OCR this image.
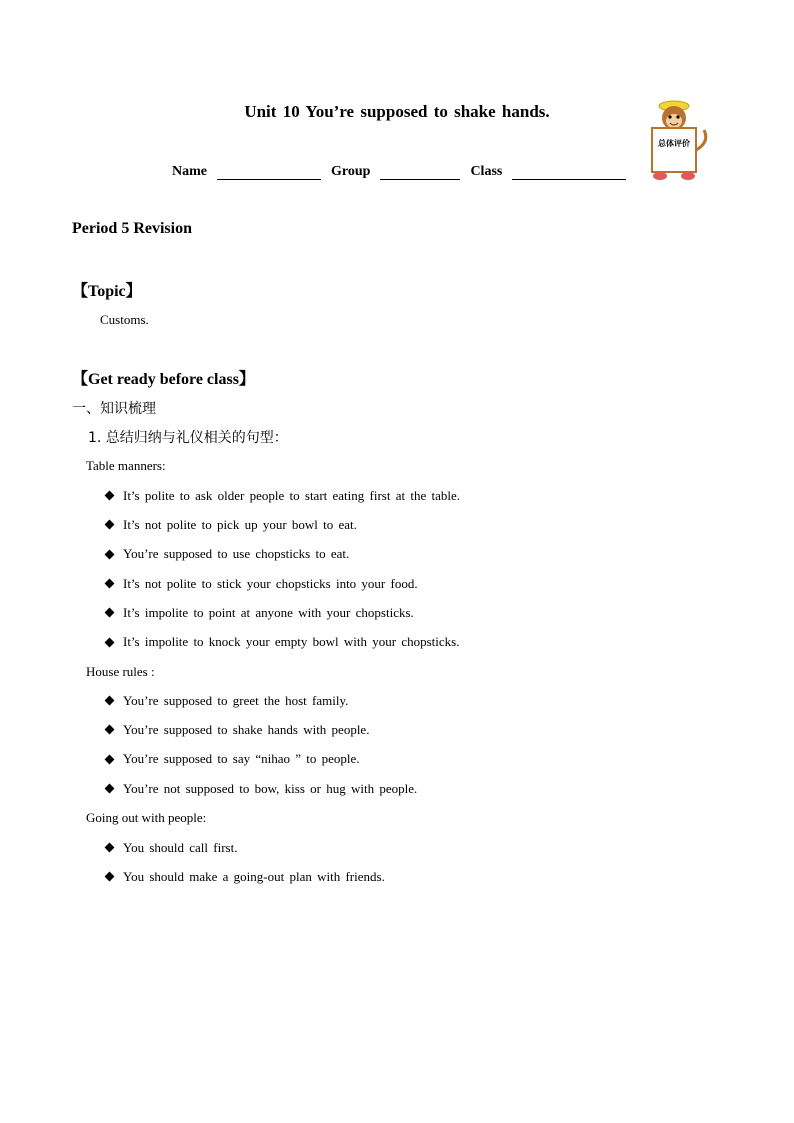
Unit 10 You’re supposed to shake hands.
Name	Group	Class
总体评价
Period 5 Revision
【Topic】
Customs.
【Get ready before class】
一、知识梳理
1. 总结归纳与礼仪相关的句型：
Table manners:
It’s polite to ask older people to start eating first at the table.
It’s not polite to pick up your bowl to eat.
You’re supposed to use chopsticks to eat.
It’s not polite to stick your chopsticks into your food.
It’s impolite to point at anyone with your chopsticks.
It’s impolite to knock your empty bowl with your chopsticks.
House rules :
You’re supposed to greet the host family.
You’re supposed to shake hands with people.
You’re supposed to say “nihao ” to people.
You’re not supposed to bow, kiss or hug with people.
Going out with people:
You should call first.
You should make a going-out plan with friends.
